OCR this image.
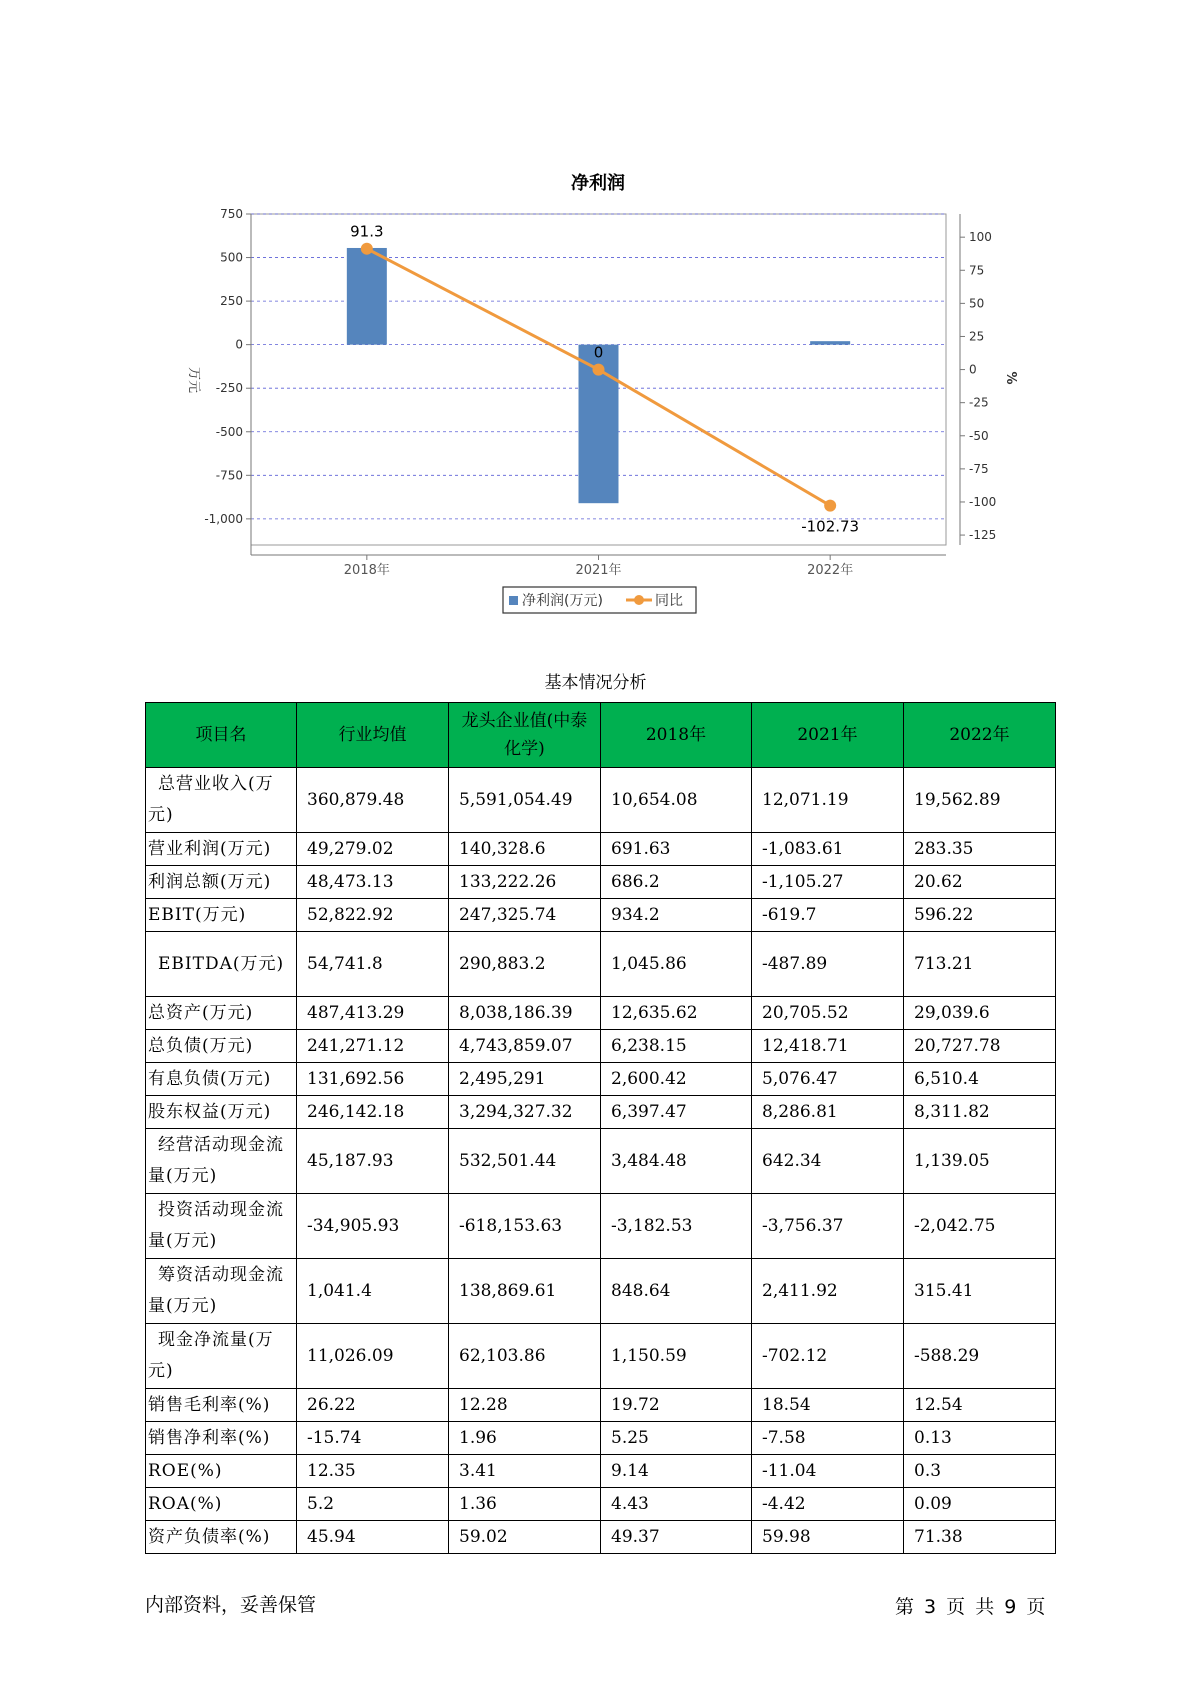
净利润
750
500
250
0
-250
-500
-750
-1,000
100
75
50
25
0
-25
-50
-75
-100
-125
91.3
0
-102.73
2018年	2021年	2022年
万元	%
净利润(万元)	同比
基本情况分析
项目名	行业均值	龙头企业值(中泰化学)	2018年	2021年	2022年
总营业收入(万元)	360,879.48	5,591,054.49	10,654.08	12,071.19	19,562.89
营业利润(万元)	49,279.02	140,328.6	691.63	-1,083.61	283.35
利润总额(万元)	48,473.13	133,222.26	686.2	-1,105.27	20.62
EBIT(万元)	52,822.92	247,325.74	934.2	-619.7	596.22
EBITDA(万元)	54,741.8	290,883.2	1,045.86	-487.89	713.21
总资产(万元)	487,413.29	8,038,186.39	12,635.62	20,705.52	29,039.6
总负债(万元)	241,271.12	4,743,859.07	6,238.15	12,418.71	20,727.78
有息负债(万元)	131,692.56	2,495,291	2,600.42	5,076.47	6,510.4
股东权益(万元)	246,142.18	3,294,327.32	6,397.47	8,286.81	8,311.82
经营活动现金流量(万元)	45,187.93	532,501.44	3,484.48	642.34	1,139.05
投资活动现金流量(万元)	-34,905.93	-618,153.63	-3,182.53	-3,756.37	-2,042.75
筹资活动现金流量(万元)	1,041.4	138,869.61	848.64	2,411.92	315.41
现金净流量(万元)	11,026.09	62,103.86	1,150.59	-702.12	-588.29
销售毛利率(%)	26.22	12.28	19.72	18.54	12.54
销售净利率(%)	-15.74	1.96	5.25	-7.58	0.13
ROE(%)	12.35	3.41	9.14	-11.04	0.3
ROA(%)	5.2	1.36	4.43	-4.42	0.09
资产负债率(%)	45.94	59.02	49.37	59.98	71.38
内部资料，妥善保管	第 3 页 共 9 页
